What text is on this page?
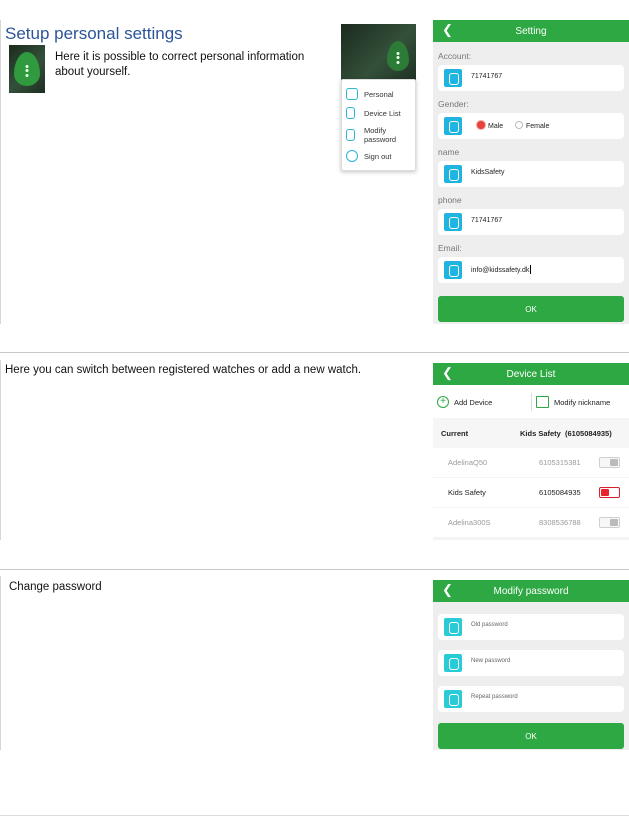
Setup personal settings
Here it is possible to correct personal information about yourself.
Personal
Device List
Modify password
Sign out
❮	Setting
Account:
71741767
Gender:
Male	Female
name
KidsSafety
phone
71741767
Email:
info@kidssafety.dk
OK
Here you can switch between registered watches or add a new watch.	❮	Device List
+	Add Device	Modify nickname
Current	Kids Safety  (6105084935)
AdelinaQ50	6105315381
Kids Safety	6105084935
Adelina300S	8308536788
Change password	❮	Modify password
Old password
New password
Repeat password
OK
